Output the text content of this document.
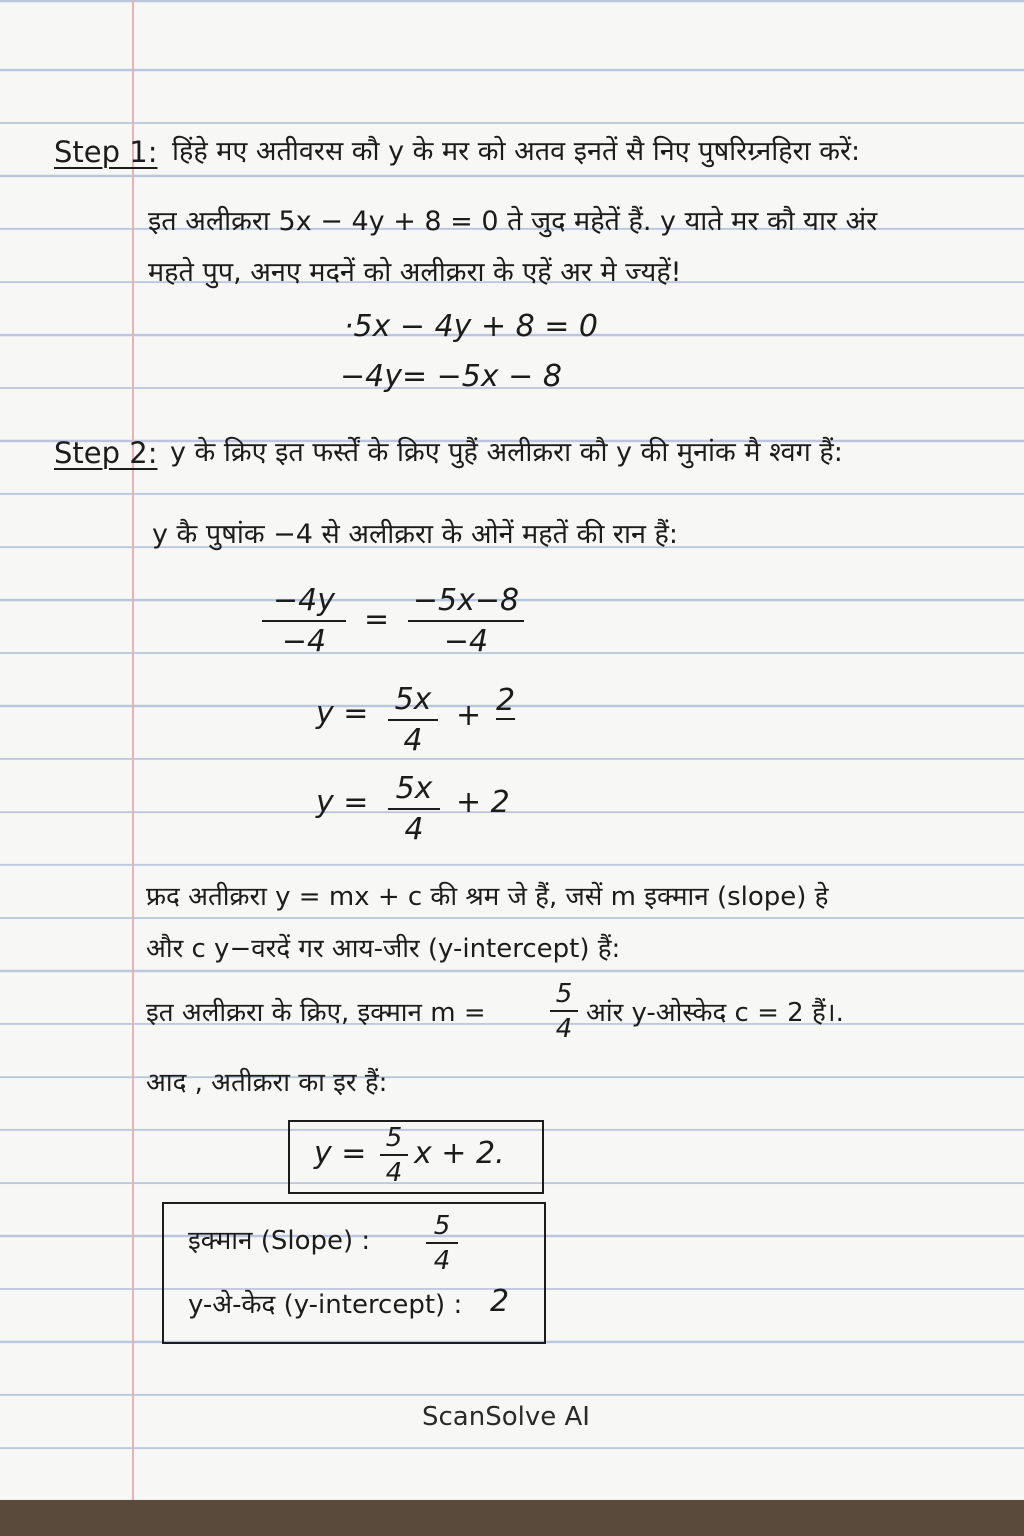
Step 1: हिंहे मए अतीवरस कौ y के मर को अतव इनतें सै निए पुषरिग्र्नहिरा करें:
इत अलीक्ररा 5x − 4y + 8 = 0 ते जुद महेतें हैं. y याते मर कौ यार अंर
महते पुप, अनए मदनें को अलीक्ररा के एहें अर मे ज्यहें!
·5x − 4y + 8 = 0
−4y= −5x − 8
Step 2: y के क्रिए इत फर्स्तें के क्रिए पुहैं अलीक्ररा कौ y की मुनांक मै श्वग हैं:
y कै पुषांक −4 से अलीक्ररा के ओनें महतें की रान हैं:
−4y
−4
=
−5x−8
−4
y = 5x
4
+ 2
y = 5x
4
+ 2
फ्रद अतीक्ररा y = mx + c की श्रम जे हैं, जसें m इक्मान (slope) हे
और c y−वरदें गर आय-जीर (y-intercept) हैं:
इत अलीक्ररा के क्रिए, इक्मान m =
5
4
आंर y-ओस्केद c = 2 हैं।.
आद , अतीक्ररा का इर हैं:
y = 5
4
x + 2.
इक्मान (Slope) : 5
4
y-अे-केद (y-intercept) : 2
ScanSolve AI
